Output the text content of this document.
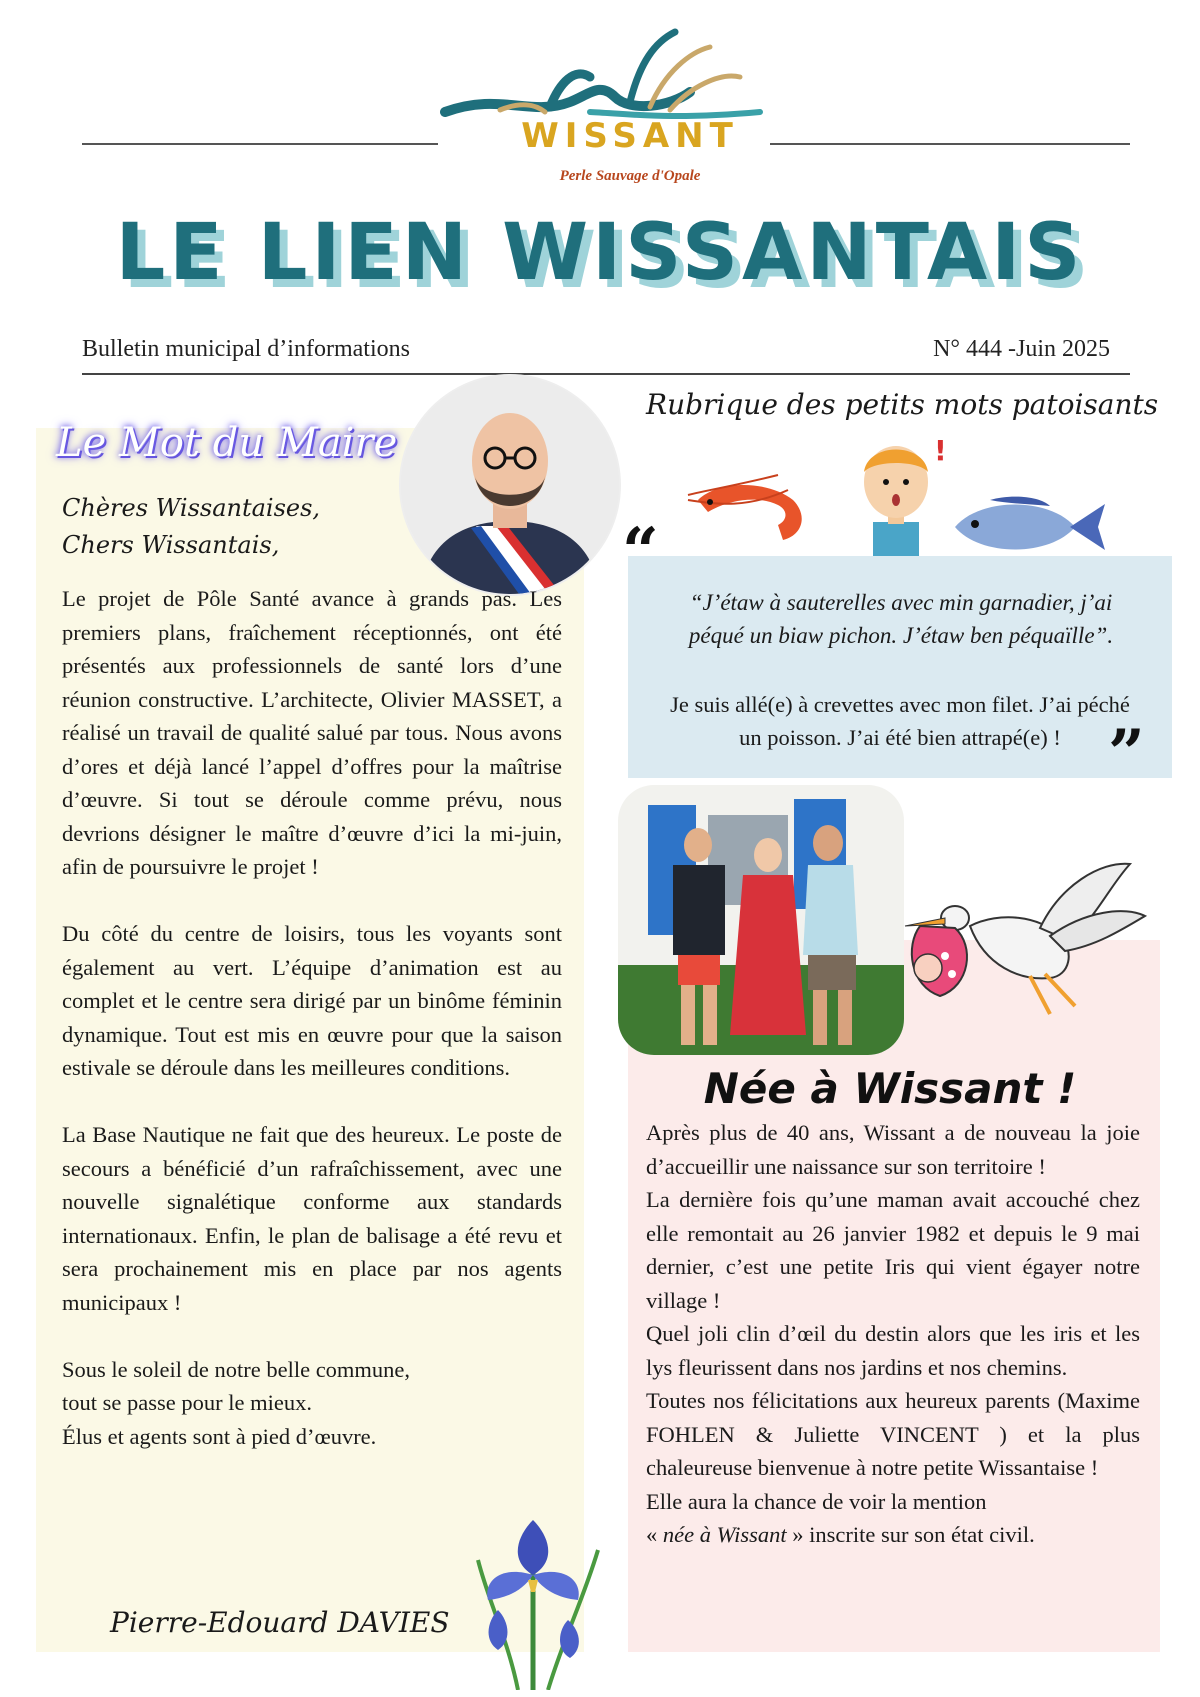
WISSANT
Perle Sauvage d'Opale
LE LIEN WISSANTAIS
Bulletin municipal d’informations	N° 444 -Juin 2025
Le Mot du Maire
Chères Wissantaises,
Chers Wissantais,

Le projet de Pôle Santé avance à grands pas. Les premiers plans, fraîchement réceptionnés, ont été présentés aux professionnels de santé lors d’une réunion constructive. L’architecte, Olivier MASSET, a réalisé un travail de qualité salué par tous. Nous avons d’ores et déjà lancé l’appel d’offres pour la maîtrise d’œuvre. Si tout se déroule comme prévu, nous devrions désigner le maître d’œuvre d’ici la mi-juin, afin de poursuivre le projet !

Du côté du centre de loisirs, tous les voyants sont également au vert. L’équipe d’animation est au complet et le centre sera dirigé par un binôme féminin dynamique. Tout est mis en œuvre pour que la saison estivale se déroule dans les meilleures conditions.

La Base Nautique ne fait que des heureux. Le poste de secours a bénéficié d’un rafraîchissement, avec une nouvelle signalétique conforme aux standards internationaux. Enfin, le plan de balisage a été revu et sera prochainement mis en place par nos agents municipaux !

Sous le soleil de notre belle commune,
tout se passe pour le mieux.
Élus et agents sont à pied d’œuvre.

Pierre-Edouard DAVIES
Rubrique des petits mots patoisants
!
“
”
“J’étaw à sauterelles avec min garnadier, j’ai
péqué un biaw pichon. J’étaw ben péquaïlle”.
Je suis allé(e) à crevettes avec mon filet. J’ai péché
un poisson. J’ai été bien attrapé(e) !
Née à Wissant !

Après plus de 40 ans, Wissant a de nouveau la joie d’accueillir une naissance sur son territoire !

La dernière fois qu’une maman avait accouché chez elle remontait au 26 janvier 1982 et depuis le 9 mai dernier, c’est une petite Iris qui vient égayer notre village !

Quel joli clin d’œil du destin alors que les iris et les lys fleurissent dans nos jardins et nos chemins.

Toutes nos félicitations aux heureux parents (Maxime FOHLEN & Juliette VINCENT ) et la plus chaleureuse bienvenue à notre petite Wissantaise !

Elle aura la chance de voir la mention

« née à Wissant » inscrite sur son état civil.
